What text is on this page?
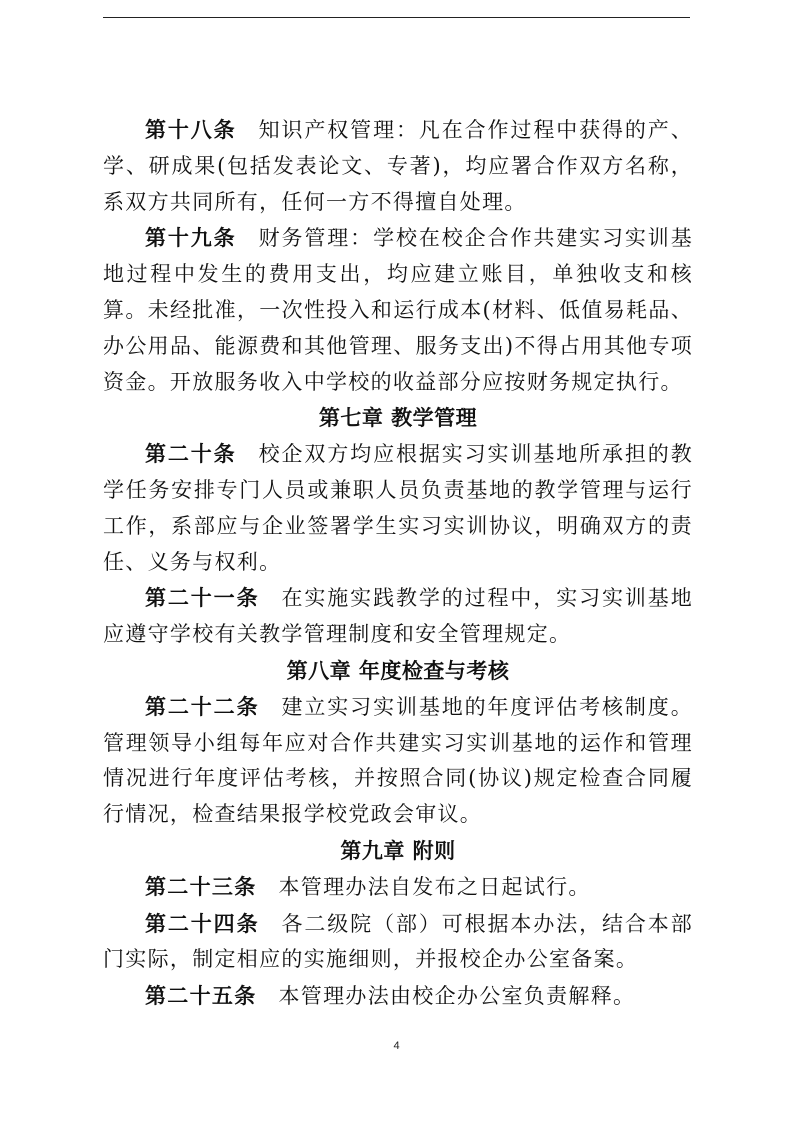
第十八条 知识产权管理：凡在合作过程中获得的产、学、研成果(包括发表论文、专著)，均应署合作双方名称，系双方共同所有，任何一方不得擅自处理。

第十九条 财务管理：学校在校企合作共建实习实训基地过程中发生的费用支出，均应建立账目，单独收支和核算。未经批准，一次性投入和运行成本(材料、低值易耗品、办公用品、能源费和其他管理、服务支出)不得占用其他专项资金。开放服务收入中学校的收益部分应按财务规定执行。

第七章 教学管理

第二十条 校企双方均应根据实习实训基地所承担的教学任务安排专门人员或兼职人员负责基地的教学管理与运行工作，系部应与企业签署学生实习实训协议，明确双方的责任、义务与权利。

第二十一条 在实施实践教学的过程中，实习实训基地应遵守学校有关教学管理制度和安全管理规定。

第八章 年度检查与考核

第二十二条 建立实习实训基地的年度评估考核制度。管理领导小组每年应对合作共建实习实训基地的运作和管理情况进行年度评估考核，并按照合同(协议)规定检查合同履行情况，检查结果报学校党政会审议。

第九章 附则

第二十三条 本管理办法自发布之日起试行。

第二十四条 各二级院（部）可根据本办法，结合本部门实际，制定相应的实施细则，并报校企办公室备案。

第二十五条 本管理办法由校企办公室负责解释。

4
